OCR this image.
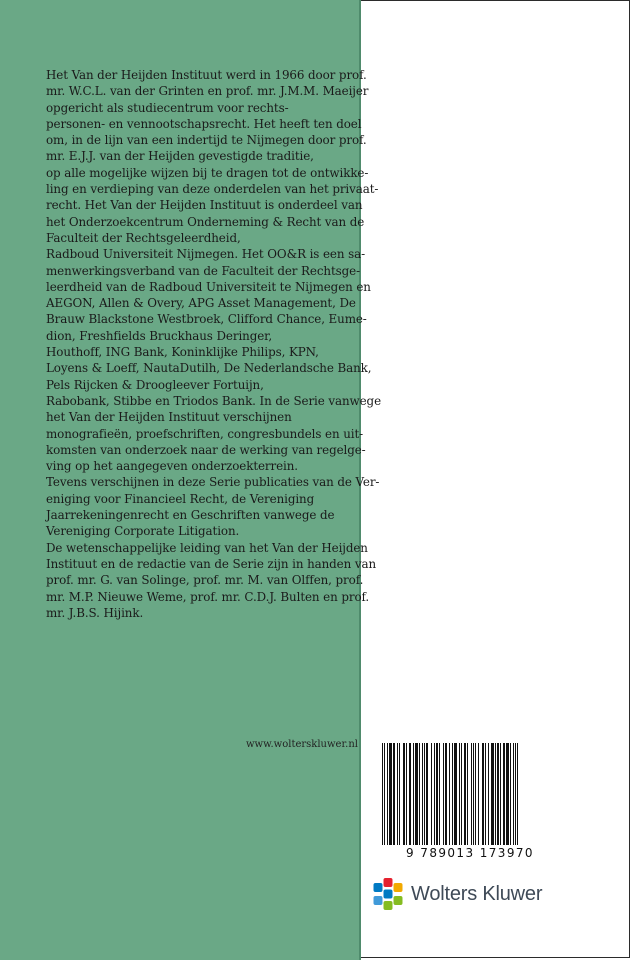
Het Van der Heijden Instituut werd in 1966 door prof.
mr. W.C.L. van der Grinten en prof. mr. J.M.M. Maeijer
opgericht als studiecentrum voor rechts-
personen- en vennootschapsrecht. Het heeft ten doel
om, in de lijn van een indertijd te Nijmegen door prof.
mr. E.J.J. van der Heijden gevestigde traditie,
op alle mogelijke wijzen bij te dragen tot de ontwikke-
ling en verdieping van deze onderdelen van het privaat-
recht. Het Van der Heijden Instituut is onderdeel van
het Onderzoekcentrum Onderneming & Recht van de
Faculteit der Rechtsgeleerdheid,
Radboud Universiteit Nijmegen. Het OO&R is een sa-
menwerkingsverband van de Faculteit der Rechtsge-
leerdheid van de Radboud Universiteit te Nijmegen en
AEGON, Allen & Overy, APG Asset Management, De
Brauw Blackstone Westbroek, Clifford Chance, Eume-
dion, Freshfields Bruckhaus Deringer,
Houthoff, ING Bank, Koninklijke Philips, KPN,
Loyens & Loeff, NautaDutilh, De Nederlandsche Bank,
Pels Rijcken & Droogleever Fortuijn,
Rabobank, Stibbe en Triodos Bank. In de Serie vanwege
het Van der Heijden Instituut verschijnen
monografieën, proefschriften, congresbundels en uit-
komsten van onderzoek naar de werking van regelge-
ving op het aangegeven onderzoekterrein.
Tevens verschijnen in deze Serie publicaties van de Ver-
eniging voor Financieel Recht, de Vereniging
Jaarrekeningenrecht en Geschriften vanwege de
Vereniging Corporate Litigation.
De wetenschappelijke leiding van het Van der Heijden
Instituut en de redactie van de Serie zijn in handen van
prof. mr. G. van Solinge, prof. mr. M. van Olffen, prof.
mr. M.P. Nieuwe Weme, prof. mr. C.D.J. Bulten en prof.
mr. J.B.S. Hijink.
www.wolterskluwer.nl
9 789013 173970
Wolters Kluwer
